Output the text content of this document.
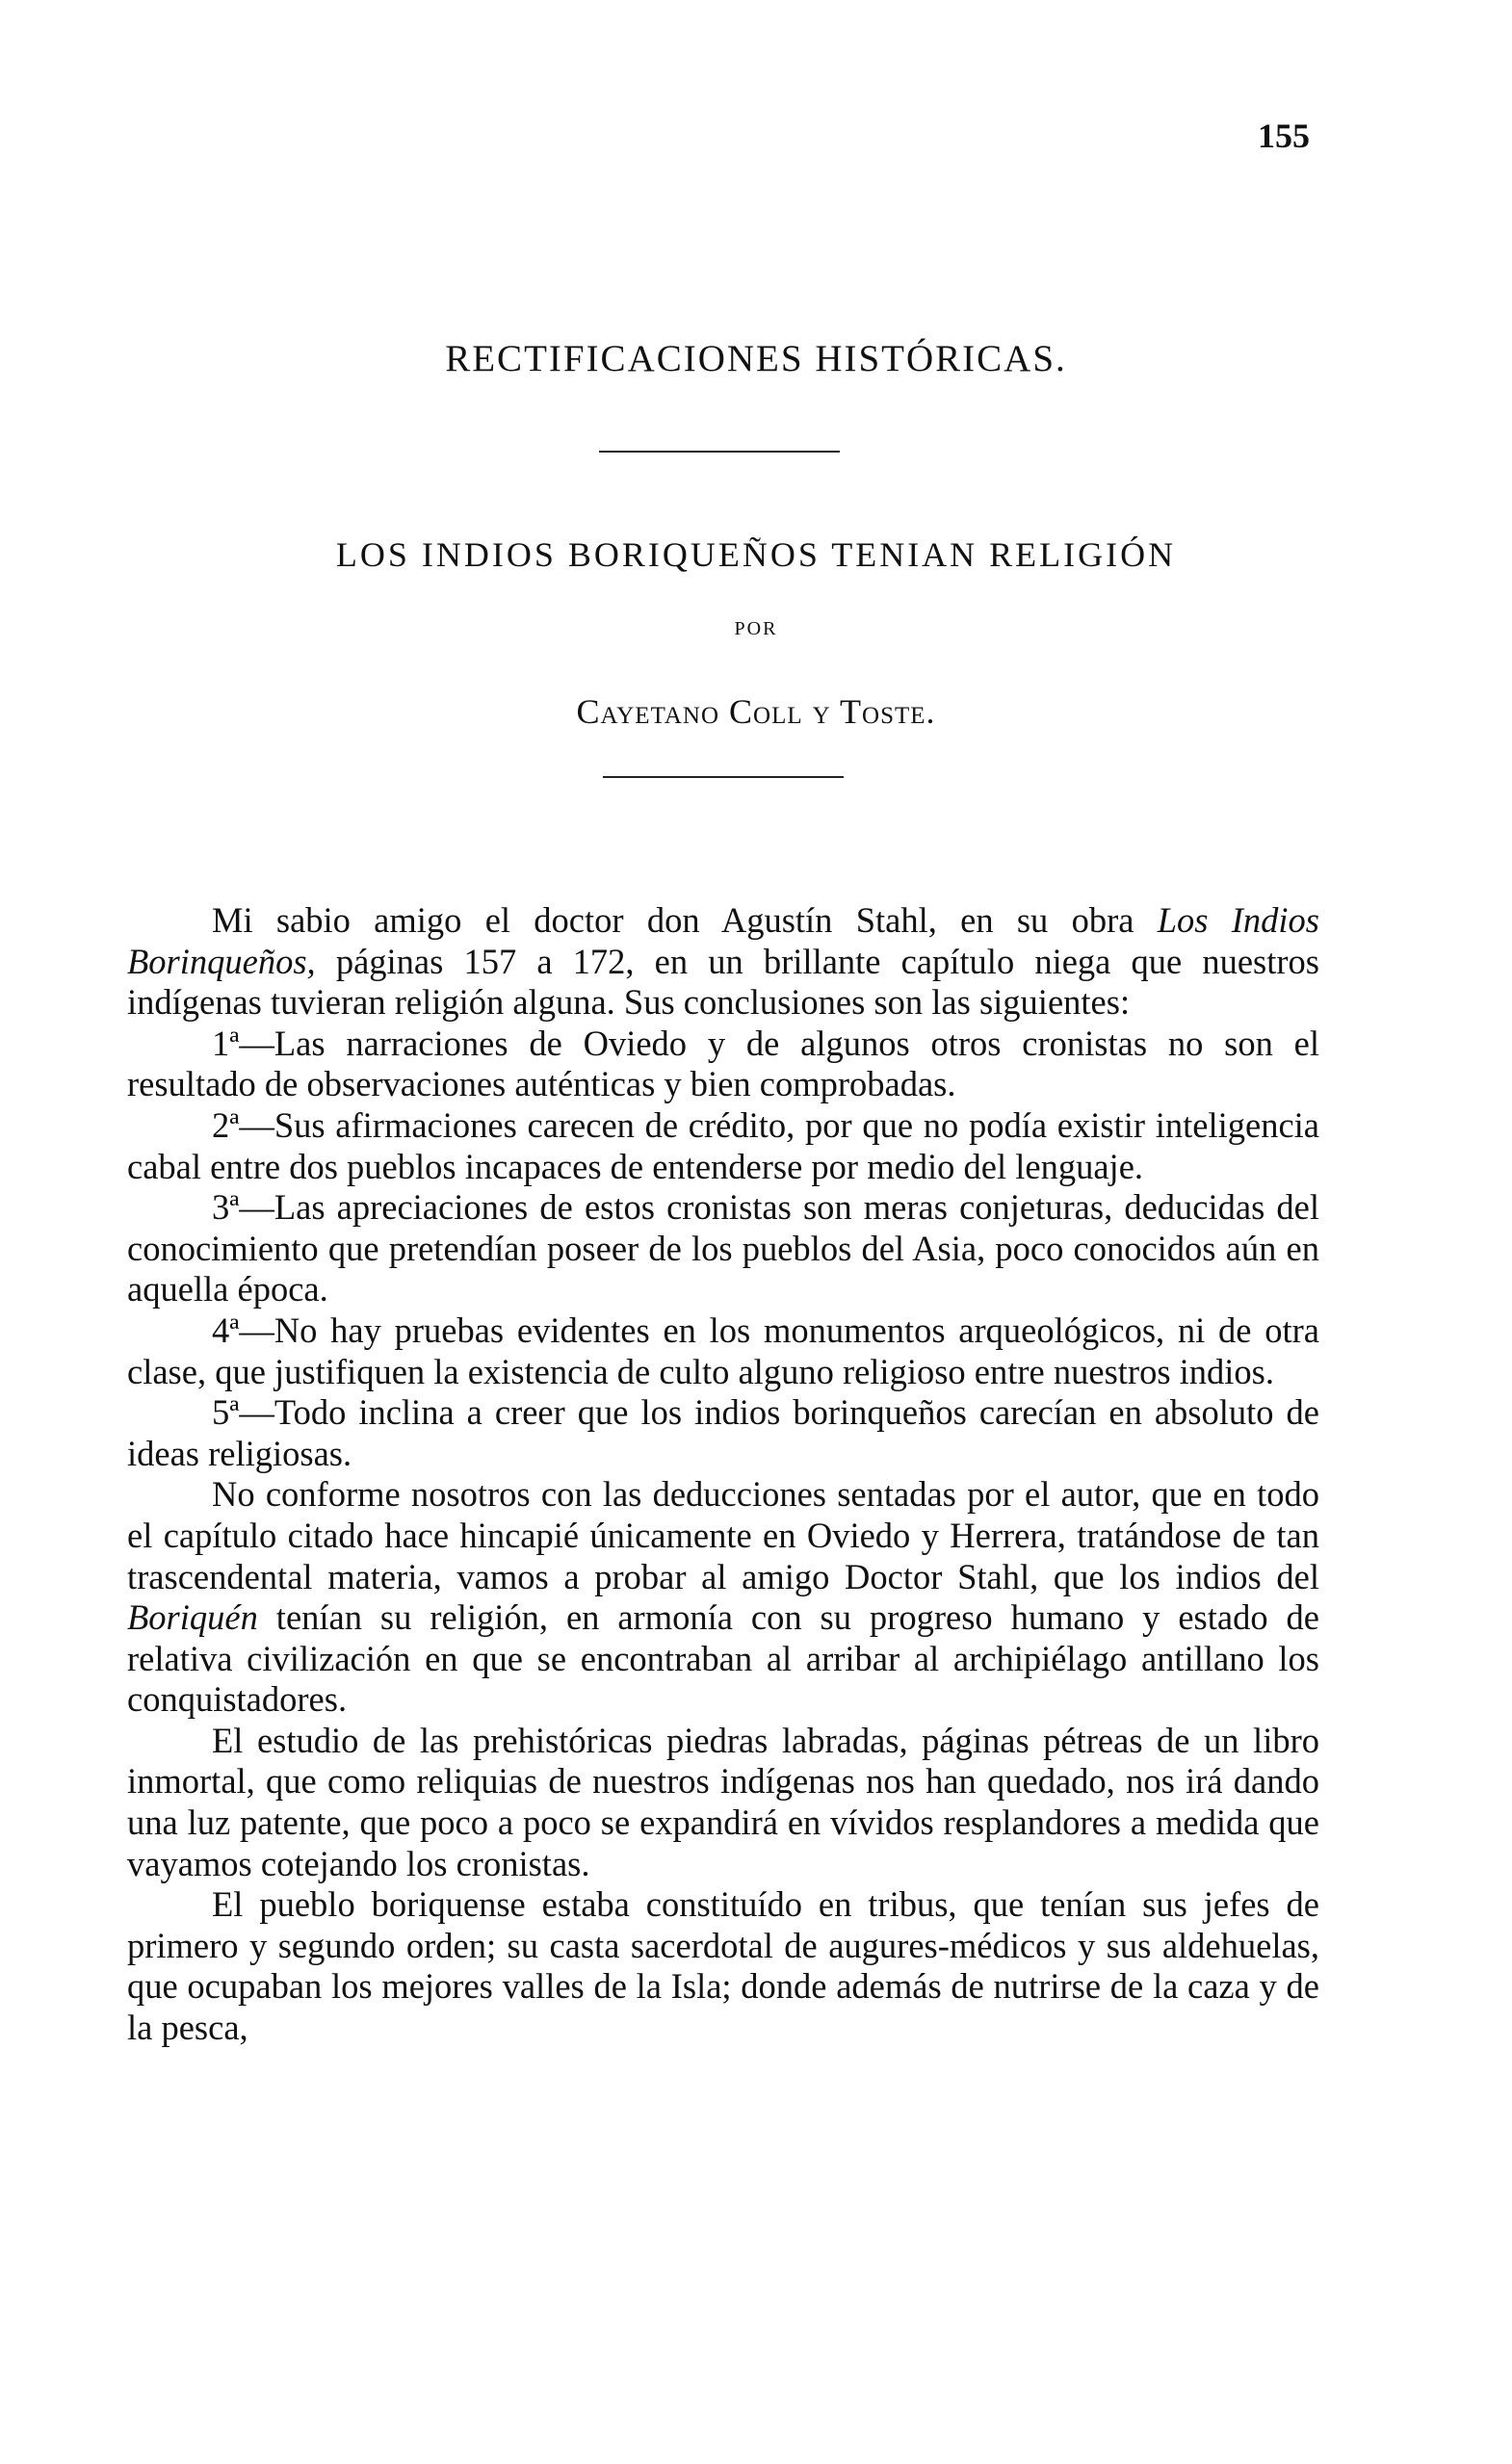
155
RECTIFICACIONES HISTÓRICAS.
LOS INDIOS BORIQUEÑOS TENIAN RELIGIÓN
POR
Cayetano Coll y Toste.

Mi sabio amigo el doctor don Agustín Stahl, en su obra Los Indios Borinqueños, páginas 157 a 172, en un brillante capítulo niega que nuestros indígenas tuvieran religión alguna. Sus conclusiones son las siguientes:

1ª—Las narraciones de Oviedo y de algunos otros cronistas no son el resultado de observaciones auténticas y bien comprobadas.

2ª—Sus afirmaciones carecen de crédito, por que no podía existir inteligencia cabal entre dos pueblos incapaces de entenderse por medio del lenguaje.

3ª—Las apreciaciones de estos cronistas son meras conjeturas, deducidas del conocimiento que pretendían poseer de los pueblos del Asia, poco conocidos aún en aquella época.

4ª—No hay pruebas evidentes en los monumentos arqueológicos, ni de otra clase, que justifiquen la existencia de culto alguno religioso entre nuestros indios.

5ª—Todo inclina a creer que los indios borinqueños carecían en absoluto de ideas religiosas.

No conforme nosotros con las deducciones sentadas por el autor, que en todo el capítulo citado hace hincapié únicamente en Oviedo y Herrera, tratándose de tan trascendental materia, vamos a probar al amigo Doctor Stahl, que los indios del Boriquén tenían su religión, en armonía con su progreso humano y estado de relativa civilización en que se encontraban al arribar al archipiélago antillano los conquistadores.

El estudio de las prehistóricas piedras labradas, páginas pétreas de un libro inmortal, que como reliquias de nuestros indígenas nos han quedado, nos irá dando una luz patente, que poco a poco se expandirá en vívidos resplandores a medida que vayamos cotejando los cronistas.

El pueblo boriquense estaba constituído en tribus, que tenían sus jefes de primero y segundo orden; su casta sacerdotal de augures-médicos y sus aldehuelas, que ocupaban los mejores valles de la Isla; donde además de nutrirse de la caza y de la pesca,
